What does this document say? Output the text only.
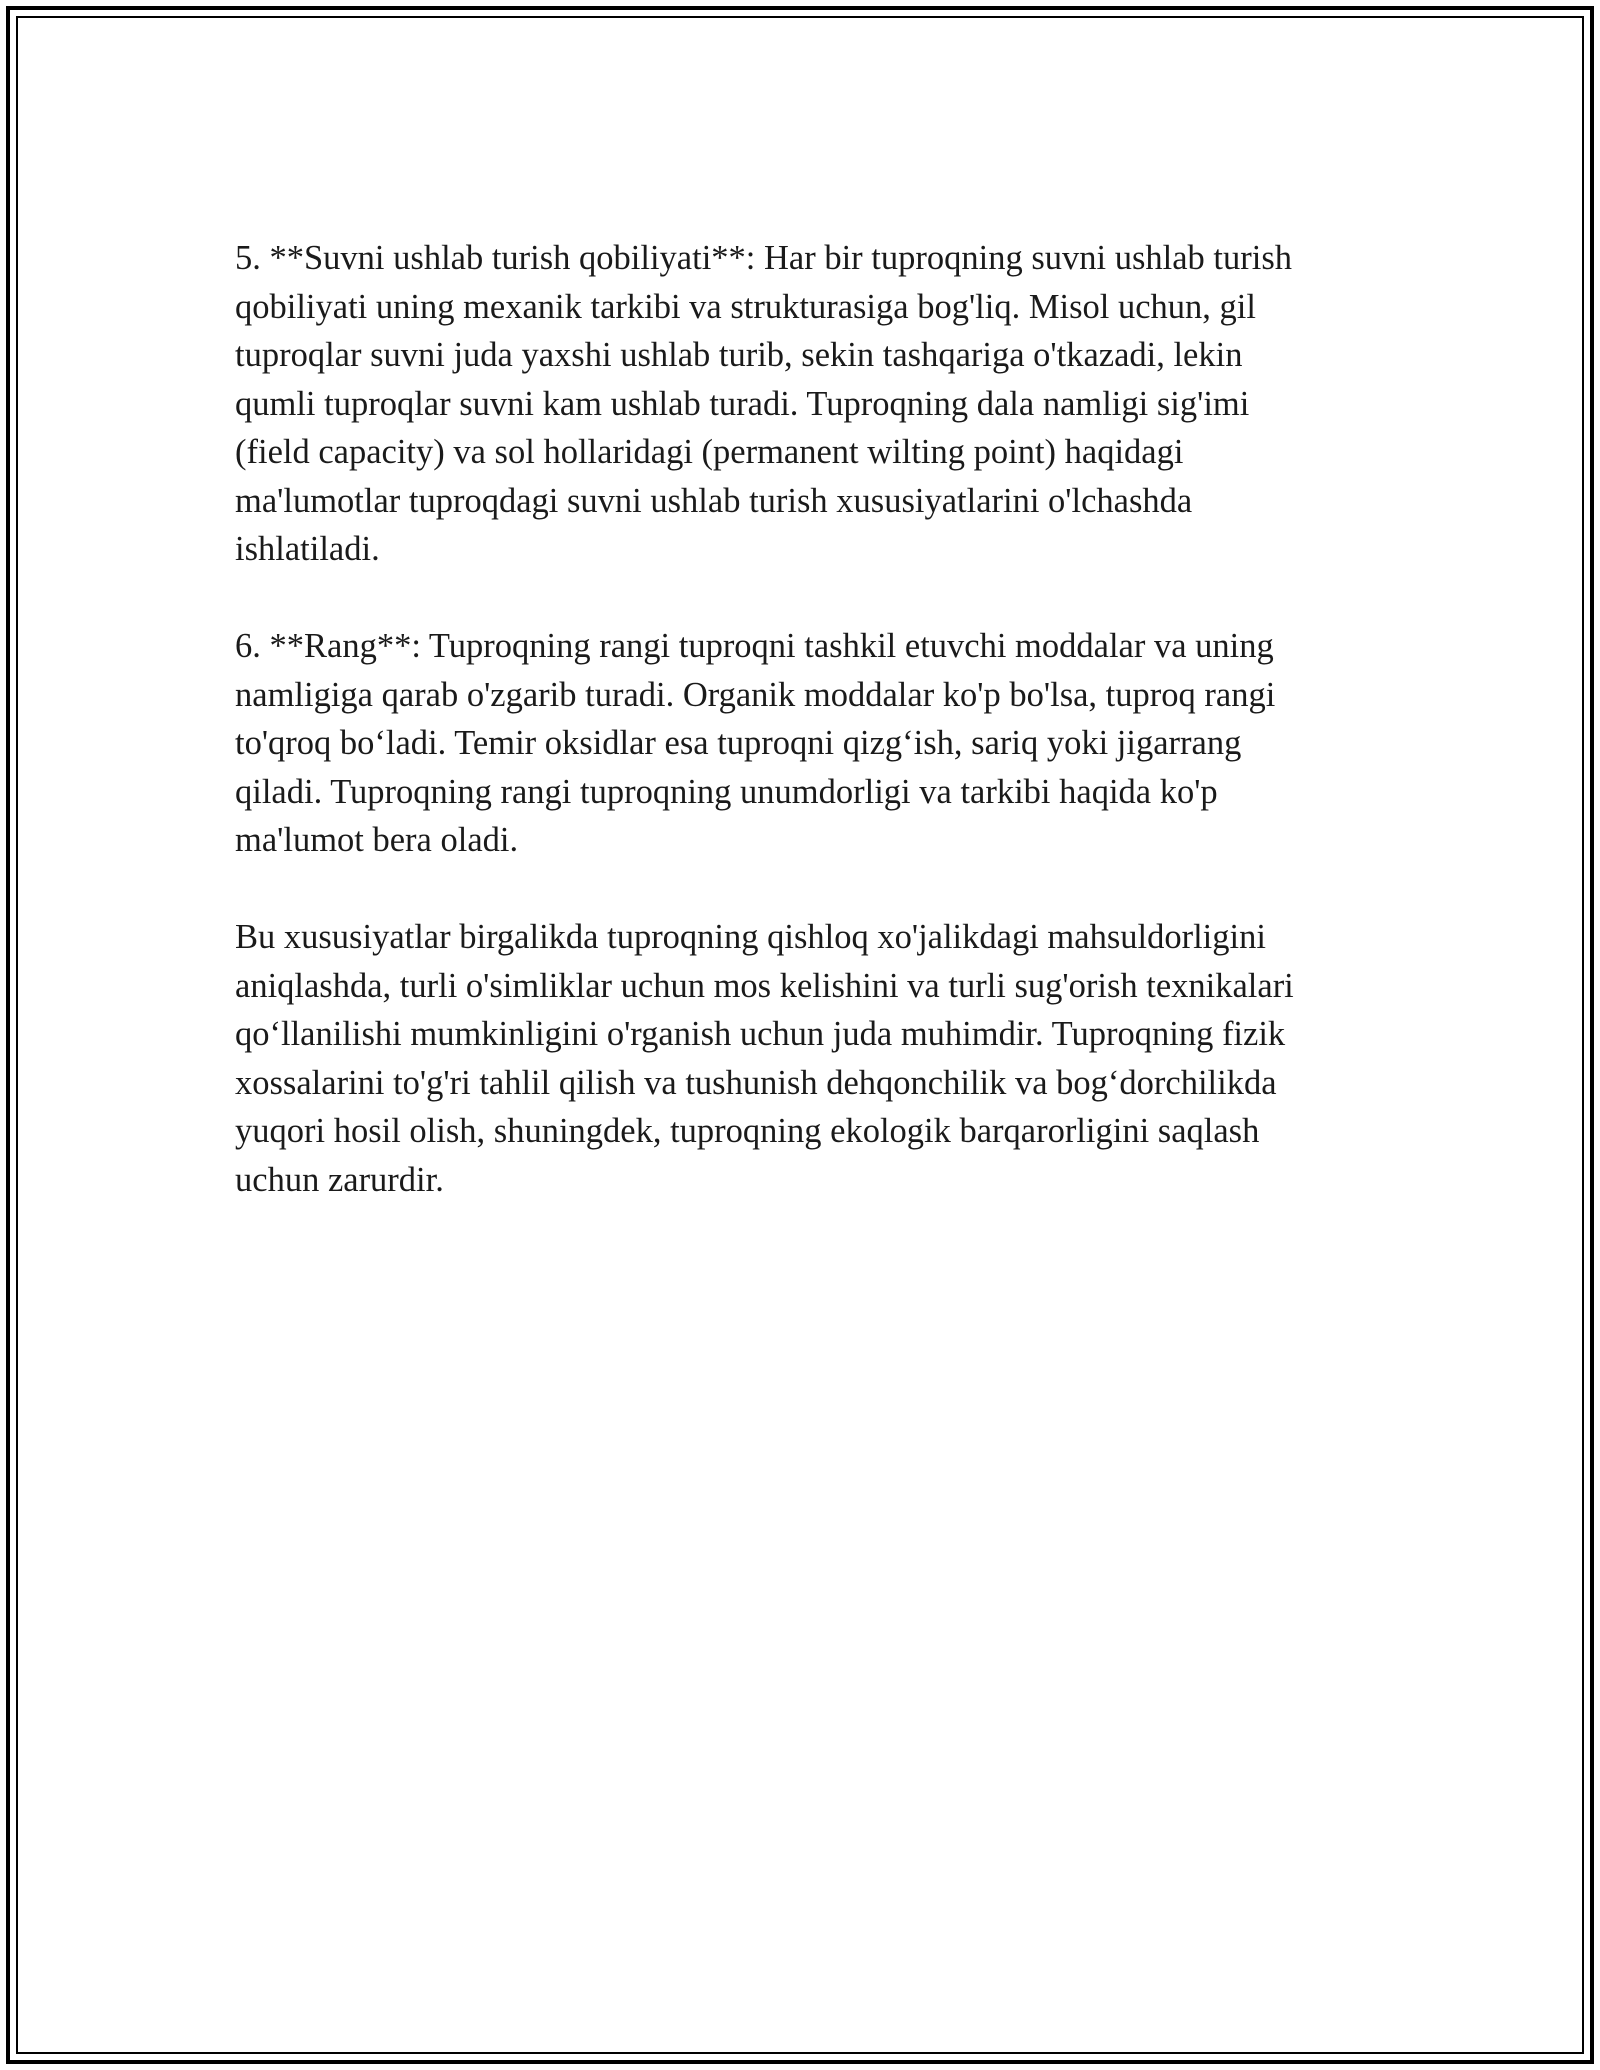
5. **Suvni ushlab turish qobiliyati**: Har bir tuproqning suvni ushlab turish
qobiliyati uning mexanik tarkibi va strukturasiga bog'liq. Misol uchun, gil
tuproqlar suvni juda yaxshi ushlab turib, sekin tashqariga o'tkazadi, lekin
qumli tuproqlar suvni kam ushlab turadi. Tuproqning dala namligi sig'imi
(field capacity) va sol hollaridagi (permanent wilting point) haqidagi
ma'lumotlar tuproqdagi suvni ushlab turish xususiyatlarini o'lchashda
ishlatiladi.

6. **Rang**: Tuproqning rangi tuproqni tashkil etuvchi moddalar va uning
namligiga qarab o'zgarib turadi. Organik moddalar ko'p bo'lsa, tuproq rangi
to'qroq bo‘ladi. Temir oksidlar esa tuproqni qizg‘ish, sariq yoki jigarrang
qiladi. Tuproqning rangi tuproqning unumdorligi va tarkibi haqida ko'p
ma'lumot bera oladi.

Bu xususiyatlar birgalikda tuproqning qishloq xo'jalikdagi mahsuldorligini
aniqlashda, turli o'simliklar uchun mos kelishini va turli sug'orish texnikalari
qo‘llanilishi mumkinligini o'rganish uchun juda muhimdir. Tuproqning fizik
xossalarini to'g'ri tahlil qilish va tushunish dehqonchilik va bog‘dorchilikda
yuqori hosil olish, shuningdek, tuproqning ekologik barqarorligini saqlash
uchun zarurdir.
